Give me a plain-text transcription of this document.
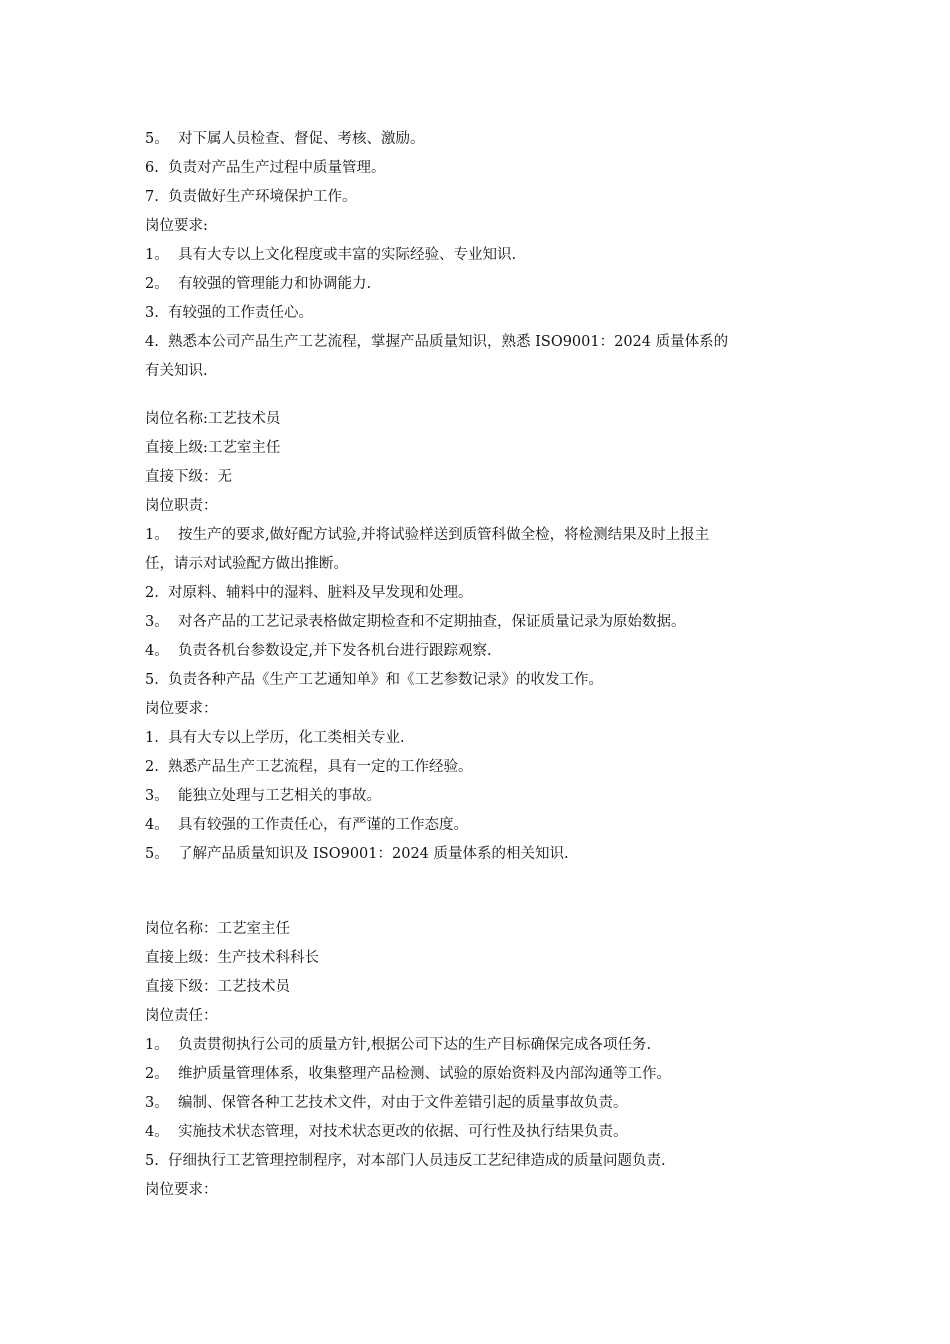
5。  对下属人员检查、督促、考核、激励。

6.  负责对产品生产过程中质量管理。

7.  负责做好生产环境保护工作。

岗位要求:

1。  具有大专以上文化程度或丰富的实际经验、专业知识.

2。  有较强的管理能力和协调能力.

3.  有较强的工作责任心。

4.  熟悉本公司产品生产工艺流程，掌握产品质量知识，熟悉 ISO9001：2024 质量体系的

有关知识.

岗位名称:工艺技术员

直接上级:工艺室主任

直接下级：无

岗位职责：

1。  按生产的要求,做好配方试验,并将试验样送到质管科做全检，将检测结果及时上报主

任，请示对试验配方做出推断。

2.  对原料、辅料中的湿料、脏料及早发现和处理。

3。  对各产品的工艺记录表格做定期检查和不定期抽查，保证质量记录为原始数据。

4。  负责各机台参数设定,并下发各机台进行跟踪观察.

5.  负责各种产品《生产工艺通知单》和《工艺参数记录》的收发工作。

岗位要求：

1.  具有大专以上学历，化工类相关专业.

2.  熟悉产品生产工艺流程，具有一定的工作经验。

3。  能独立处理与工艺相关的事故。

4。  具有较强的工作责任心，有严谨的工作态度。

5。  了解产品质量知识及 ISO9001：2024 质量体系的相关知识.

岗位名称：工艺室主任

直接上级：生产技术科科长

直接下级：工艺技术员

岗位责任：

1。  负责贯彻执行公司的质量方针,根据公司下达的生产目标确保完成各项任务.

2。  维护质量管理体系，收集整理产品检测、试验的原始资料及内部沟通等工作。

3。  编制、保管各种工艺技术文件，对由于文件差错引起的质量事故负责。

4。  实施技术状态管理，对技术状态更改的依据、可行性及执行结果负责。

5.  仔细执行工艺管理控制程序，对本部门人员违反工艺纪律造成的质量问题负责.

岗位要求：
